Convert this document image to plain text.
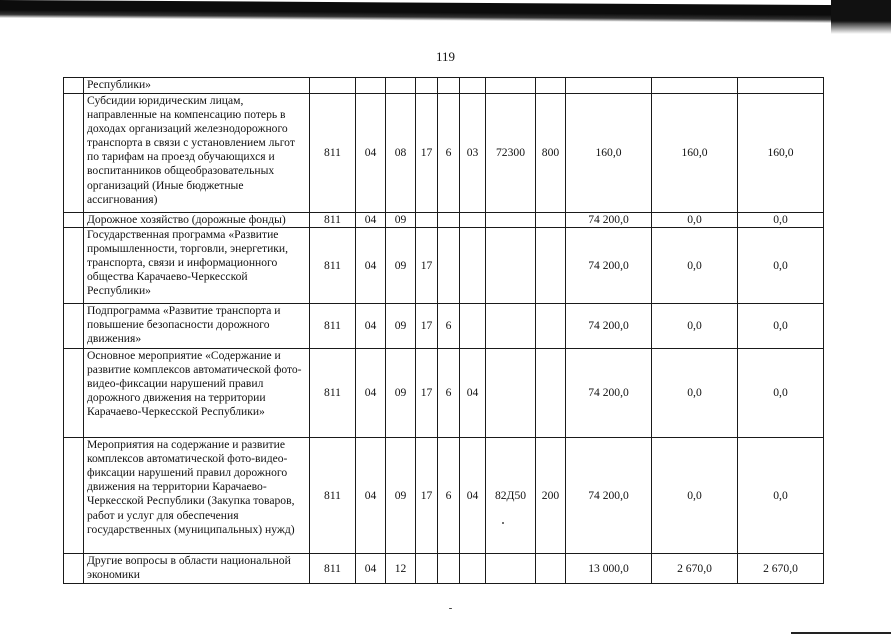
119
	Республики»											
	Субсидии юридическим лицам, направленные на компенсацию потерь в доходах организаций железнодорожного транспорта в связи с установлением льгот по тарифам на проезд обучающихся и воспитанников общеобразовательных организаций (Иные бюджетные ассигнования)	811	04	08	17	6	03	72300	800	160,0	160,0	160,0
	Дорожное хозяйство (дорожные фонды)	811	04	09						74 200,0	0,0	0,0
	Государственная программа «Развитие промышленности, торговли, энергетики, транспорта, связи и информационного общества Карачаево-Черкесской Республики»	811	04	09	17					74 200,0	0,0	0,0
	Подпрограмма «Развитие транспорта и повышение безопасности дорожного движения»	811	04	09	17	6				74 200,0	0,0	0,0
	Основное мероприятие «Содержание и развитие комплексов автоматической фото-видео-фиксации нарушений правил дорожного движения на территории Карачаево-Черкесской Республики»	811	04	09	17	6	04			74 200,0	0,0	0,0
	Мероприятия на содержание и развитие комплексов автоматической фото-видео-фиксации нарушений правил дорожного движения на территории Карачаево-Черкесской Республики (Закупка товаров, работ и услуг для обеспечения государственных (муниципальных) нужд)	811	04	09	17	6	04	82Д50	200	74 200,0	0,0	0,0
	Другие вопросы в области национальной экономики	811	04	12						13 000,0	2 670,0	2 670,0
